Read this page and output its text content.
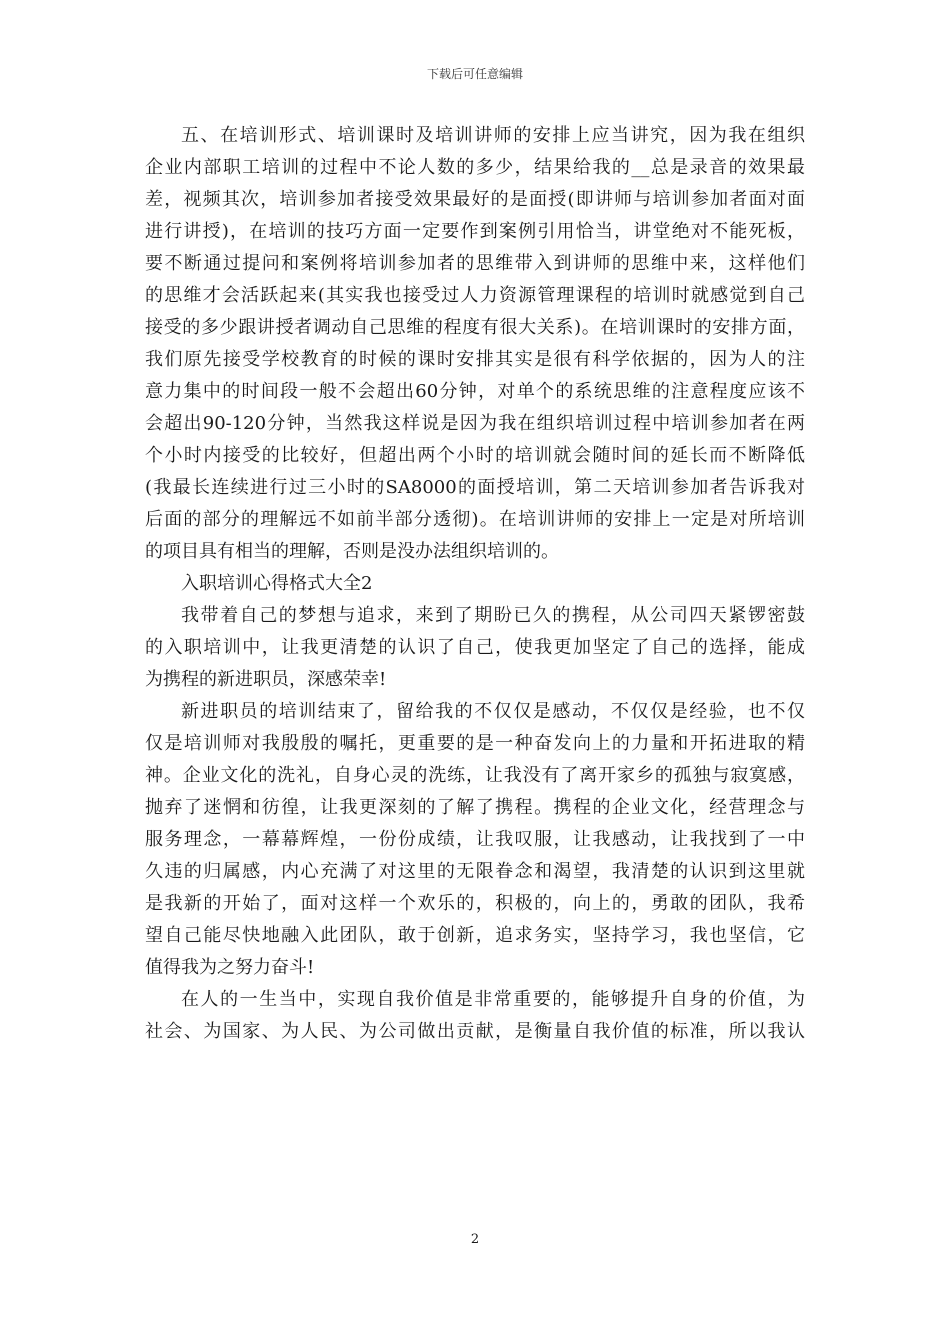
下载后可任意编辑
五、在培训形式、培训课时及培训讲师的安排上应当讲究，因为我在组织
企业内部职工培训的过程中不论人数的多少，结果给我的__总是录音的效果最
差，视频其次，培训参加者接受效果最好的是面授(即讲师与培训参加者面对面
进行讲授)，在培训的技巧方面一定要作到案例引用恰当，讲堂绝对不能死板，
要不断通过提问和案例将培训参加者的思维带入到讲师的思维中来，这样他们
的思维才会活跃起来(其实我也接受过人力资源管理课程的培训时就感觉到自己
接受的多少跟讲授者调动自己思维的程度有很大关系)。在培训课时的安排方面，
我们原先接受学校教育的时候的课时安排其实是很有科学依据的，因为人的注
意力集中的时间段一般不会超出60分钟，对单个的系统思维的注意程度应该不
会超出90-120分钟，当然我这样说是因为我在组织培训过程中培训参加者在两
个小时内接受的比较好，但超出两个小时的培训就会随时间的延长而不断降低
(我最长连续进行过三小时的SA8000的面授培训，第二天培训参加者告诉我对
后面的部分的理解远不如前半部分透彻)。在培训讲师的安排上一定是对所培训
的项目具有相当的理解，否则是没办法组织培训的。
入职培训心得格式大全2
我带着自己的梦想与追求，来到了期盼已久的携程，从公司四天紧锣密鼓
的入职培训中，让我更清楚的认识了自己，使我更加坚定了自己的选择，能成
为携程的新进职员，深感荣幸!
新进职员的培训结束了，留给我的不仅仅是感动，不仅仅是经验，也不仅
仅是培训师对我殷殷的嘱托，更重要的是一种奋发向上的力量和开拓进取的精
神。企业文化的洗礼，自身心灵的洗练，让我没有了离开家乡的孤独与寂寞感，
抛弃了迷惘和彷徨，让我更深刻的了解了携程。携程的企业文化，经营理念与
服务理念，一幕幕辉煌，一份份成绩，让我叹服，让我感动，让我找到了一中
久违的归属感，内心充满了对这里的无限眷念和渴望，我清楚的认识到这里就
是我新的开始了，面对这样一个欢乐的，积极的，向上的，勇敢的团队，我希
望自己能尽快地融入此团队，敢于创新，追求务实，坚持学习，我也坚信，它
值得我为之努力奋斗!
在人的一生当中，实现自我价值是非常重要的，能够提升自身的价值，为
社会、为国家、为人民、为公司做出贡献，是衡量自我价值的标准，所以我认
2
